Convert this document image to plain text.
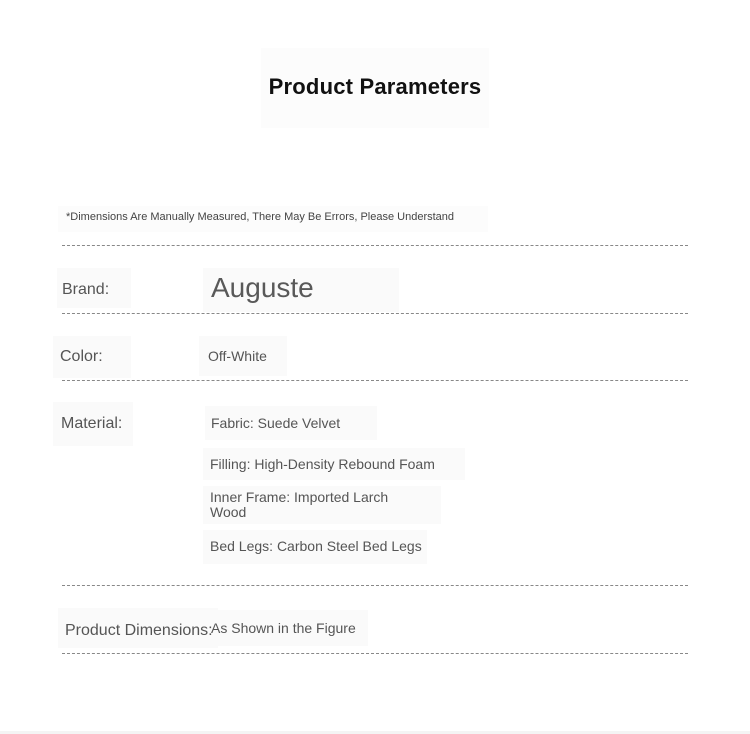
Product Parameters
*Dimensions Are Manually Measured, There May Be Errors, Please Understand
Brand:	Auguste
Color:	Off-White
Material:	Fabric: Suede Velvet
Filling: High-Density Rebound Foam
Inner Frame: Imported Larch Wood
Bed Legs: Carbon Steel Bed Legs
Product Dimensions:
As Shown in the Figure
